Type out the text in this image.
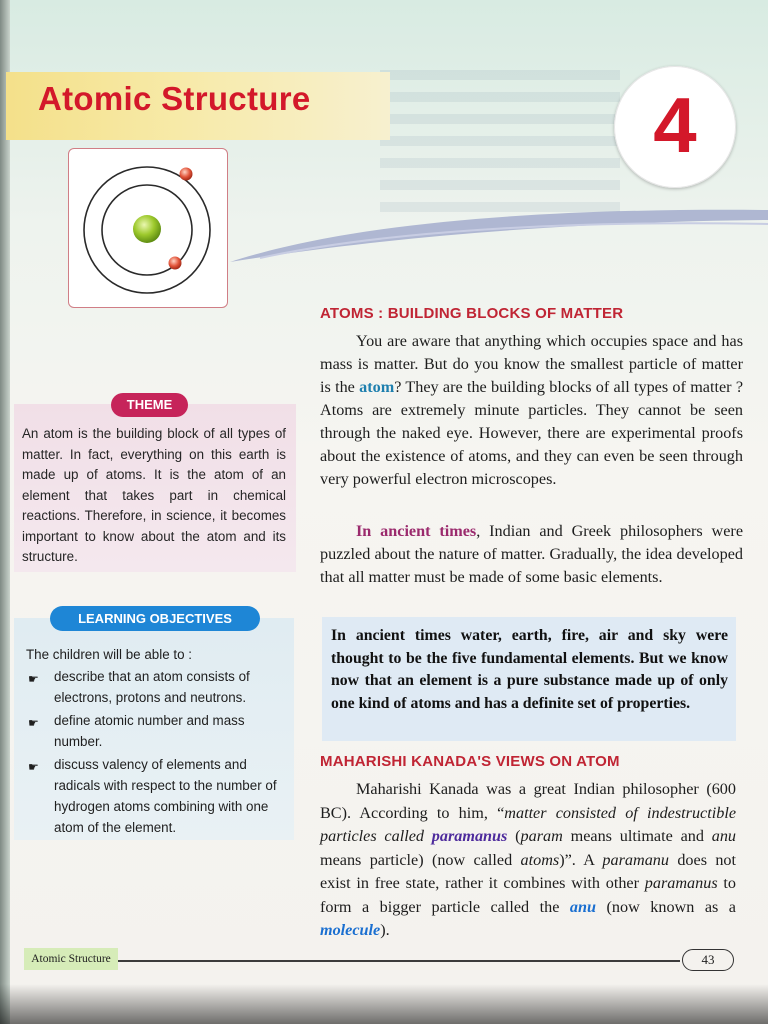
Atomic Structure	4
ATOMS : BUILDING BLOCKS OF MATTER

You are aware that anything which occupies space and has mass is matter. But do you know the smallest particle of matter is the atom? They are the building blocks of all types of matter ? Atoms are extremely minute particles. They cannot be seen through the naked eye. However, there are experimental proofs about the existence of atoms, and they can even be seen through very powerful electron microscopes.

In ancient times, Indian and Greek philosophers were puzzled about the nature of matter. Gradually, the idea developed that all matter must be made of some basic elements.

In ancient times water, earth, fire, air and sky were thought to be the five fundamental elements. But we know now that an element is a pure substance made up of only one kind of atoms and has a definite set of properties.

MAHARISHI KANADA'S VIEWS ON ATOM

Maharishi Kanada was a great Indian philosopher (600 BC). According to him, “matter consisted of indestructible particles called paramanus (param means ultimate and anu means particle) (now called atoms)”. A paramanu does not exist in free state, rather it combines with other paramanus to form a bigger particle called the anu (now known as a molecule).

THEME

An atom is the building block of all types of matter. In fact, everything on this earth is made up of atoms. It is the atom of an element that takes part in chemical reactions. Therefore, in science, it becomes important to know about the atom and its structure.

LEARNING OBJECTIVES

The children will be able to :

☛ describe that an atom consists of electrons, protons and neutrons.
☛ define atomic number and mass number.
☛ discuss valency of elements and radicals with respect to the number of hydrogen atoms combining with one atom of the element.
Atomic Structure	43
